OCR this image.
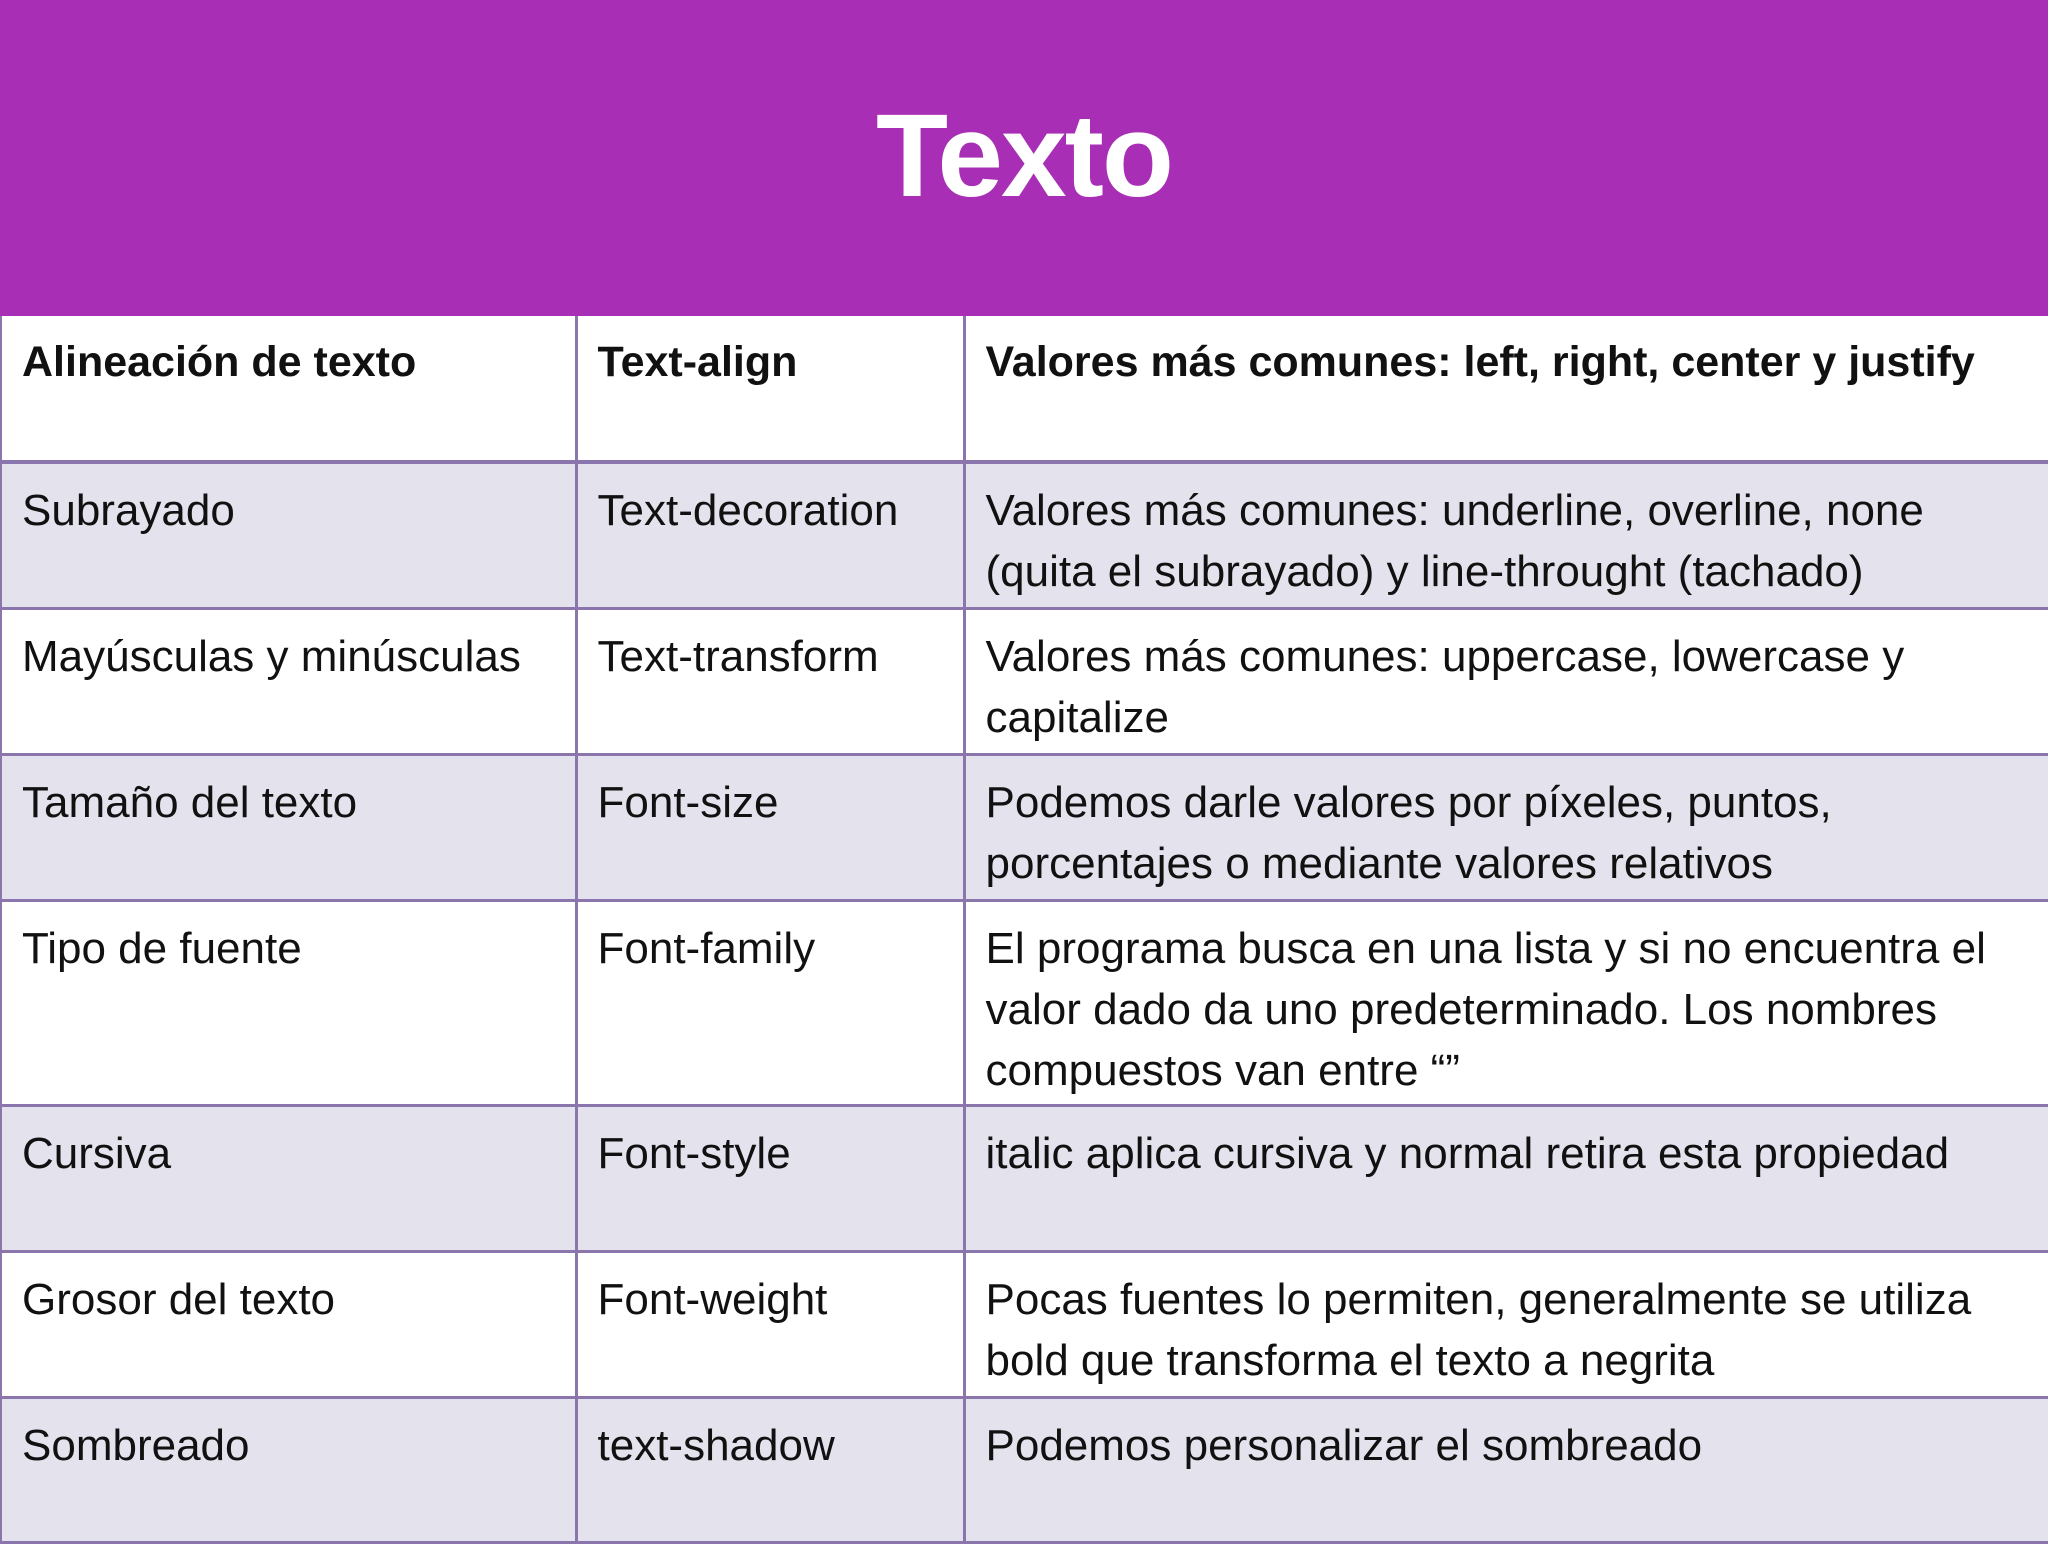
Texto
Alineación de texto	Text-align	Valores más comunes: left, right, center y justify
Subrayado	Text-decoration	Valores más comunes: underline, overline, none (quita el subrayado) y line-throught (tachado)
Mayúsculas y minúsculas	Text-transform	Valores más comunes: uppercase, lowercase y capitalize
Tamaño del texto	Font-size	Podemos darle valores por píxeles, puntos, porcentajes o mediante valores relativos
Tipo de fuente	Font-family	El programa busca en una lista y si no encuentra el valor dado da uno predeterminado. Los nombres compuestos van entre “”
Cursiva	Font-style	italic aplica cursiva y normal retira esta propiedad
Grosor del texto	Font-weight	Pocas fuentes lo permiten, generalmente se utiliza bold que transforma el texto a negrita
Sombreado	text-shadow	Podemos personalizar el sombreado
